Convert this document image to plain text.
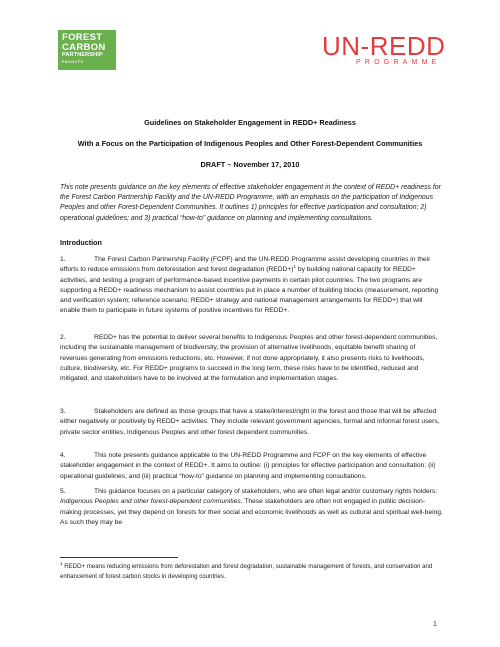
FOREST
CARBON
PARTNERSHIP
FACILITY
UN-REDD
PROGRAMME
Guidelines on Stakeholder Engagement in REDD+ Readiness
With a Focus on the Participation of Indigenous Peoples and Other Forest-Dependent Communities
DRAFT – November 17, 2010
This note presents guidance on the key elements of effective stakeholder engagement in the context of REDD+ readiness for the Forest Carbon Partnership Facility and the UN-REDD Programme, with an emphasis on the participation of Indigenous Peoples and other Forest-Dependent Communities. It outlines 1) principles for effective participation and consultation; 2) operational guidelines; and 3) practical “how-to” guidance on planning and implementing consultations.
Introduction
1.	The Forest Carbon Partnership Facility (FCPF) and the UN-REDD Programme assist developing countries in their efforts to reduce emissions from deforestation and forest degradation (REDD+)$^1$ by building national capacity for REDD+ activities, and testing a program of performance-based incentive payments in certain pilot countries. The two programs are supporting a REDD+ readiness mechanism to assist countries put in place a number of building blocks (measurement, reporting and verification system; reference scenario; REDD+ strategy and national management arrangements for REDD+) that will enable them to participate in future systems of positive incentives for REDD+.
2.	REDD+ has the potential to deliver several benefits to Indigenous Peoples and other forest-dependent communities, including the sustainable management of biodiversity, the provision of alternative livelihoods, equitable benefit sharing of revenues generating from emissions reductions, etc. However, if not done appropriately, it also presents risks to livelihoods, culture, biodiversity, etc. For REDD+ programs to succeed in the long term, these risks have to be identified, reduced and mitigated, and stakeholders have to be involved at the formulation and implementation stages.
3.	Stakeholders are defined as those groups that have a stake/interest/right in the forest and those that will be affected either negatively or positively by REDD+ activities. They include relevant government agencies, formal and informal forest users, private sector entities, Indigenous Peoples and other forest dependent communities.
4.	This note presents guidance applicable to the UN-REDD Programme and FCPF on the key elements of effective stakeholder engagement in the context of REDD+. It aims to outline: (i) principles for effective participation and consultation; (ii) operational guidelines; and (iii) practical “how-to” guidance on planning and implementing consultations.
5.	This guidance focuses on a particular category of stakeholders, who are often legal and/or customary rights holders: Indigenous Peoples and other forest-dependent communities. These stakeholders are often not engaged in public decision-making processes, yet they depend on forests for their social and economic livelihoods as well as cultural and spiritual well-being. As such they may be
$^1$ REDD+ means reducing emissions from deforestation and forest degradation, sustainable management of forests, and conservation and enhancement of forest carbon stocks in developing countries.
1
